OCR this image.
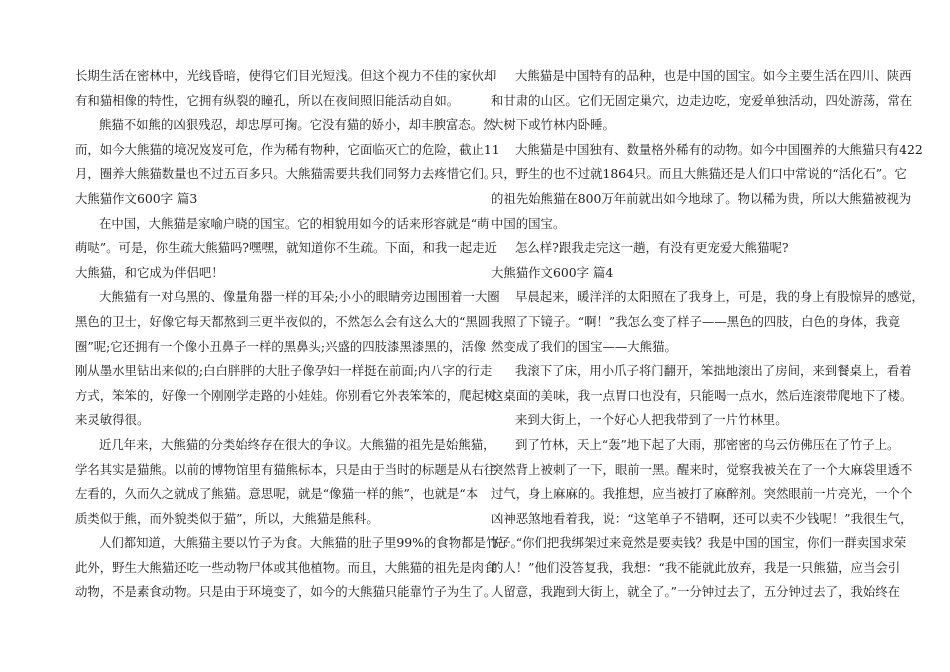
长期生活在密林中，光线昏暗，使得它们目光短浅。但这个视力不佳的家伙却
有和猫相像的特性，它拥有纵裂的瞳孔，所以在夜间照旧能活动自如。
熊猫不如熊的凶狠残忍，却忠厚可掬。它没有猫的娇小，却丰腴富态。然
而，如今大熊猫的境况岌岌可危，作为稀有物种，它面临灭亡的危险，截止11
月，圈养大熊猫数量也不过五百多只。大熊猫需要共我们同努力去疼惜它们。
大熊猫作文600字 篇3
在中国，大熊猫是家喻户晓的国宝。它的相貌用如今的话来形容就是“萌
萌哒”。可是，你生疏大熊猫吗?嘿嘿，就知道你不生疏。下面，和我一起走近
大熊猫，和它成为伴侣吧！
大熊猫有一对乌黑的、像量角器一样的耳朵;小小的眼睛旁边围围着一大圈
黑色的卫士，好像它每天都熬到三更半夜似的，不然怎么会有这么大的“黑圆
圈”呢;它还拥有一个像小丑鼻子一样的黑鼻头;兴盛的四肢漆黑漆黑的，活像
刚从墨水里钻出来似的;白白胖胖的大肚子像孕妇一样挺在前面;内八字的行走
方式，笨笨的，好像一个刚刚学走路的小娃娃。你别看它外表笨笨的，爬起树
来灵敏得很。
近几年来，大熊猫的分类始终存在很大的争议。大熊猫的祖先是始熊猫，
学名其实是猫熊。以前的博物馆里有猫熊标本，只是由于当时的标题是从右往
左看的，久而久之就成了熊猫。意思呢，就是“像猫一样的熊”，也就是“本
质类似于熊，而外貌类似于猫”，所以，大熊猫是熊科。
人们都知道，大熊猫主要以竹子为食。大熊猫的肚子里99%的食物都是竹子。
此外，野生大熊猫还吃一些动物尸体或其他植物。而且，大熊猫的祖先是肉食
动物，不是素食动物。只是由于环境变了，如今的大熊猫只能靠竹子为生了。
大熊猫是中国特有的品种，也是中国的国宝。如今主要生活在四川、陕西
和甘肃的山区。它们无固定巢穴，边走边吃，宠爱单独活动，四处游荡，常在
大树下或竹林内卧睡。
大熊猫是中国独有、数量格外稀有的动物。如今中国圈养的大熊猫只有422
只，野生的也不过就1864只。而且大熊猫还是人们口中常说的“活化石”。它
的祖先始熊猫在800万年前就出如今地球了。物以稀为贵，所以大熊猫被视为
中国的国宝。
怎么样?跟我走完这一趟，有没有更宠爱大熊猫呢?
大熊猫作文600字 篇4
早晨起来，暖洋洋的太阳照在了我身上，可是，我的身上有股惊异的感觉，
我照了下镜子。“啊！”我怎么变了样子——黑色的四肢，白色的身体，我竟
然变成了我们的国宝——大熊猫。
我滚下了床，用小爪子将门翻开，笨拙地滚出了房间，来到餐桌上，看着
这桌面的美味，我一点胃口也没有，只能喝一点水，然后连滚带爬地下了楼。
来到大街上，一个好心人把我带到了一片竹林里。
到了竹林，天上“轰”地下起了大雨，那密密的乌云仿佛压在了竹子上。
突然背上被刺了一下，眼前一黑。醒来时，觉察我被关在了一个大麻袋里透不
过气，身上麻麻的。我推想，应当被打了麻醉剂。突然眼前一片亮光，一个个
凶神恶煞地看着我，说：“这笔单子不错啊，还可以卖不少钱呢！”我很生气，
说：“你们把我绑架过来竟然是要卖钱？我是中国的国宝，你们一群卖国求荣
的人！”他们没答复我，我想：“我不能就此放弃，我是一只熊猫，应当会引
人留意，我跑到大街上，就全了。”一分钟过去了，五分钟过去了，我始终在
